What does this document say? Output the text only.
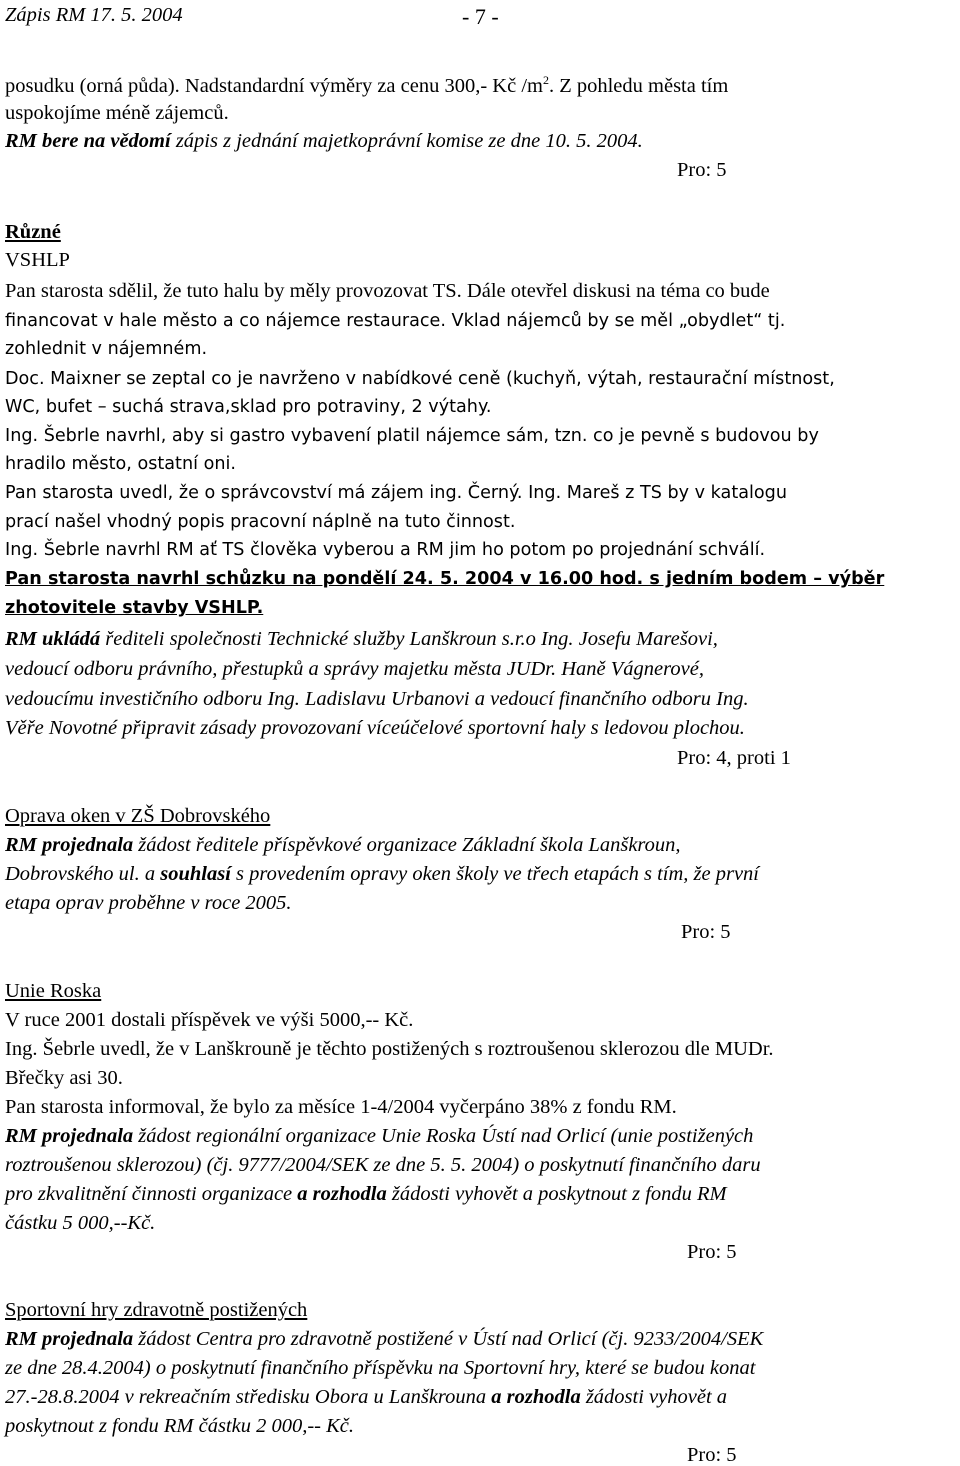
Zápis RM 17. 5. 2004	- 7 -
posudku (orná půda). Nadstandardní výměry za cenu 300,- Kč $/m^2$. Z pohledu města tím
uspokojíme méně zájemců.
RM bere na vědomí zápis z jednání majetkoprávní komise ze dne 10. 5. 2004.
Pro: 5
Různé
VSHLP
Pan starosta sdělil, že tuto halu by měly provozovat TS. Dále otevřel diskusi na téma co bude
financovat v hale město a co nájemce restaurace. Vklad nájemců by se měl „obydlet“ tj.
zohlednit v nájemném.
Doc. Maixner se zeptal co je navrženo v nabídkové ceně (kuchyň, výtah, restaurační místnost,
WC, bufet – suchá strava,sklad pro potraviny, 2 výtahy.
Ing. Šebrle navrhl, aby si gastro vybavení platil nájemce sám, tzn. co je pevně s budovou by
hradilo město, ostatní oni.
Pan starosta uvedl, že o správcovství má zájem ing. Černý. Ing. Mareš z TS by v katalogu
prací našel vhodný popis pracovní náplně na tuto činnost.
Ing. Šebrle navrhl RM ať TS člověka vyberou a RM jim ho potom po projednání schválí.
Pan starosta navrhl schůzku na pondělí 24. 5. 2004 v 16.00 hod. s jedním bodem – výběr
zhotovitele stavby VSHLP.
RM ukládá řediteli společnosti Technické služby Lanškroun s.r.o Ing. Josefu Marešovi,
vedoucí odboru právního, přestupků a správy majetku města JUDr. Haně Vágnerové,
vedoucímu investičního odboru Ing. Ladislavu Urbanovi a vedoucí finančního odboru Ing.
Věře Novotné připravit zásady provozovaní víceúčelové sportovní haly s ledovou plochou.
Pro: 4, proti 1
Oprava oken v ZŠ Dobrovského
RM projednala žádost ředitele příspěvkové organizace Základní škola Lanškroun,
Dobrovského ul. a souhlasí s provedením opravy oken školy ve třech etapách s tím, že první
etapa oprav proběhne v roce 2005.
Pro: 5
Unie Roska
V ruce 2001 dostali příspěvek ve výši 5000,-- Kč.
Ing. Šebrle uvedl, že v Lanškrouně je těchto postižených s roztroušenou sklerozou dle MUDr.
Břečky asi 30.
Pan starosta informoval, že bylo za měsíce 1-4/2004 vyčerpáno 38% z fondu RM.
RM projednala žádost regionální organizace Unie Roska Ústí nad Orlicí (unie postižených
roztroušenou sklerozou) (čj. 9777/2004/SEK ze dne 5. 5. 2004) o poskytnutí finančního daru
pro zkvalitnění činnosti organizace a rozhodla žádosti vyhovět a poskytnout z fondu RM
částku 5 000,--Kč.
Pro: 5
Sportovní hry zdravotně postižených
RM projednala žádost Centra pro zdravotně postižené v Ústí nad Orlicí (čj. 9233/2004/SEK
ze dne 28.4.2004) o poskytnutí finančního příspěvku na Sportovní hry, které se budou konat
27.-28.8.2004 v rekreačním středisku Obora u Lanškrouna a rozhodla žádosti vyhovět a
poskytnout z fondu RM částku 2 000,-- Kč.
Pro: 5
